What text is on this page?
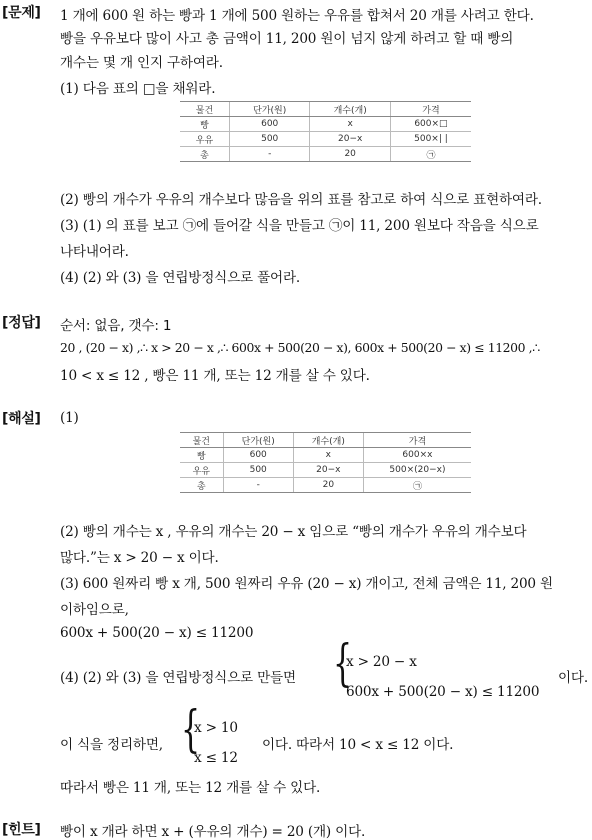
[문제] 1 개에 600 원 하는 빵과 1 개에 500 원하는 우유를 합쳐서 20 개를 사려고 한다.
빵을 우유보다 많이 사고 총 금액이 11, 200 원이 넘지 않게 하려고 할 때 빵의
개수는 몇 개 인지 구하여라.
(1) 다음 표의 □을 채워라.
물건	단가(원)	개수(개)	가격
빵	600	x	600×□
우유	500	20−x	500×| |
총	-	20	㉠
(2) 빵의 개수가 우유의 개수보다 많음을 위의 표를 참고로 하여 식으로 표현하여라.
(3) (1) 의 표를 보고 ㉠에 들어갈 식을 만들고 ㉠이 11, 200 원보다 작음을 식으로
나타내어라.
(4) (2) 와 (3) 을 연립방정식으로 풀어라.
[정답] 순서: 없음, 갯수: 1
20 , (20 − x) ,∴ x > 20 − x ,∴ 600x + 500(20 − x), 600x + 500(20 − x) ≤ 11200 ,∴
10 < x ≤ 12 , 빵은 11 개, 또는 12 개를 살 수 있다.
[해설] (1)
물건	단가(원)	개수(개)	가격
빵	600	x	600×x
우유	500	20−x	500×(20−x)
총	-	20	㉠
(2) 빵의 개수는 x , 우유의 개수는 20 − x 임으로 “빵의 개수가 우유의 개수보다
많다.”는 x > 20 − x 이다.
(3) 600 원짜리 빵 x 개, 500 원짜리 우유 (20 − x) 개이고, 전체 금액은 11, 200 원
이하임으로,
600x + 500(20 − x) ≤ 11200
(4) (2) 와 (3) 을 연립방정식으로 만들면 {
x > 20 − x
600x + 500(20 − x) ≤ 11200
이다.
이 식을 정리하면, {
x > 10
x ≤ 12
이다. 따라서 10 < x ≤ 12 이다.
따라서 빵은 11 개, 또는 12 개를 살 수 있다.
[힌트] 빵이 x 개라 하면 x + (우유의 개수) = 20 (개) 이다.
